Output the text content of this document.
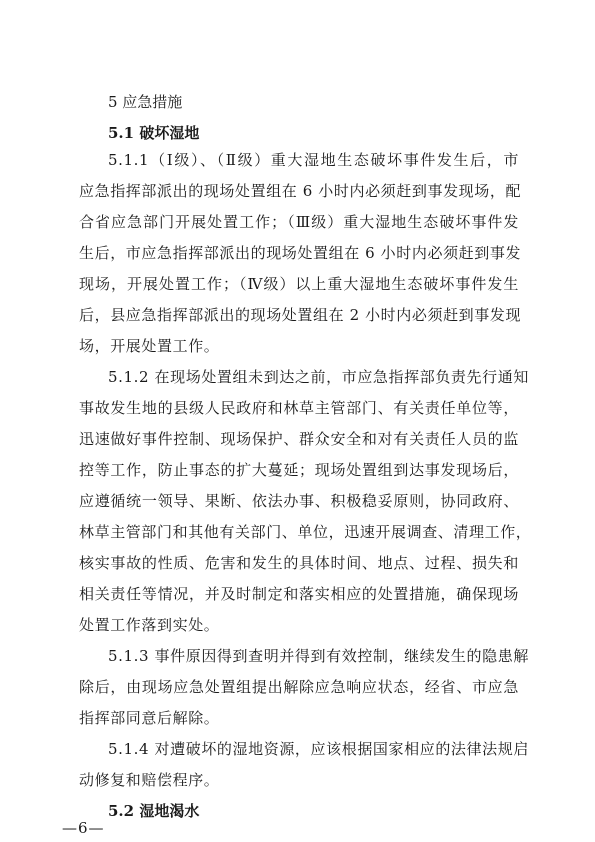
5 应急措施
5.1 破坏湿地
5.1.1（Ⅰ级）、（Ⅱ级）重大湿地生态破坏事件发生后，市
应急指挥部派出的现场处置组在 6 小时内必须赶到事发现场，配
合省应急部门开展处置工作；（Ⅲ级）重大湿地生态破坏事件发
生后，市应急指挥部派出的现场处置组在 6 小时内必须赶到事发
现场，开展处置工作；（Ⅳ级）以上重大湿地生态破坏事件发生
后，县应急指挥部派出的现场处置组在 2 小时内必须赶到事发现
场，开展处置工作。
5.1.2 在现场处置组未到达之前，市应急指挥部负责先行通知
事故发生地的县级人民政府和林草主管部门、有关责任单位等，
迅速做好事件控制、现场保护、群众安全和对有关责任人员的监
控等工作，防止事态的扩大蔓延；现场处置组到达事发现场后，
应遵循统一领导、果断、依法办事、积极稳妥原则，协同政府、
林草主管部门和其他有关部门、单位，迅速开展调查、清理工作，
核实事故的性质、危害和发生的具体时间、地点、过程、损失和
相关责任等情况，并及时制定和落实相应的处置措施，确保现场
处置工作落到实处。
5.1.3 事件原因得到查明并得到有效控制，继续发生的隐患解
除后，由现场应急处置组提出解除应急响应状态，经省、市应急
指挥部同意后解除。
5.1.4 对遭破坏的湿地资源，应该根据国家相应的法律法规启
动修复和赔偿程序。
5.2 湿地渴水
—6—
